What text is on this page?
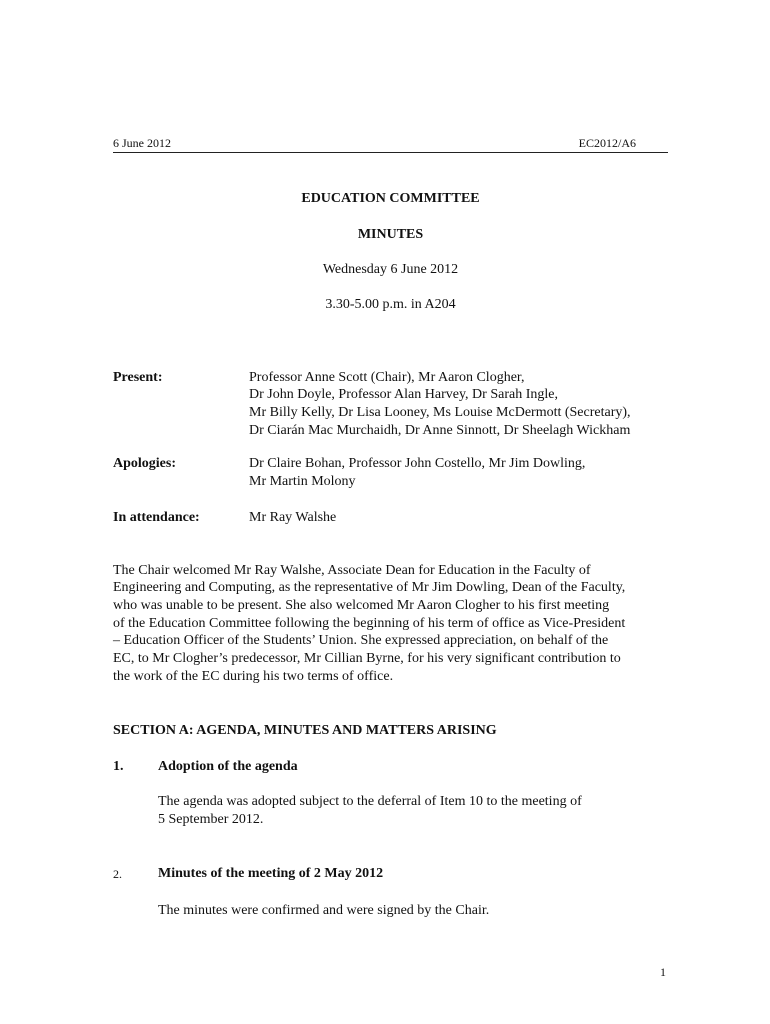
6 June 2012	EC2012/A6
EDUCATION COMMITTEE
MINUTES
Wednesday 6 June 2012
3.30-5.00 p.m. in A204
Present:	Professor Anne Scott (Chair), Mr Aaron Clogher,
Dr John Doyle, Professor Alan Harvey, Dr Sarah Ingle,
Mr Billy Kelly, Dr Lisa Looney, Ms Louise McDermott (Secretary),
Dr Ciarán Mac Murchaidh, Dr Anne Sinnott, Dr Sheelagh Wickham
Apologies:	Dr Claire Bohan, Professor John Costello, Mr Jim Dowling,
Mr Martin Molony
In attendance:	Mr Ray Walshe
The Chair welcomed Mr Ray Walshe, Associate Dean for Education in the Faculty of
Engineering and Computing, as the representative of Mr Jim Dowling, Dean of the Faculty,
who was unable to be present. She also welcomed Mr Aaron Clogher to his first meeting
of the Education Committee following the beginning of his term of office as Vice-President
– Education Officer of the Students’ Union. She expressed appreciation, on behalf of the
EC, to Mr Clogher’s predecessor, Mr Cillian Byrne, for his very significant contribution to
the work of the EC during his two terms of office.
SECTION A: AGENDA, MINUTES AND MATTERS ARISING
1. Adoption of the agenda
The agenda was adopted subject to the deferral of Item 10 to the meeting of
5 September 2012.
2.	Minutes of the meeting of 2 May 2012
The minutes were confirmed and were signed by the Chair.
1
